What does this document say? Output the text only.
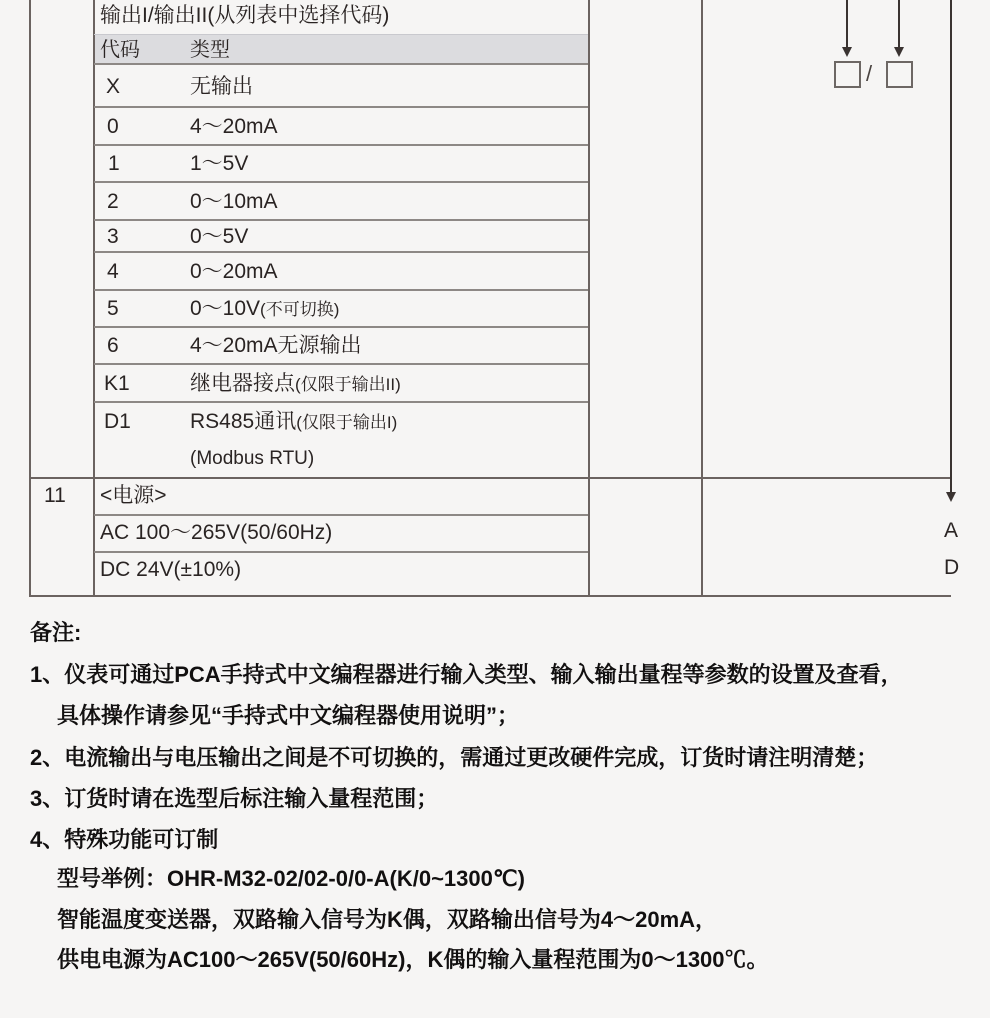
输出I/输出II(从列表中选择代码)
代码	类型
X	无输出
0	4～20mA
1	1～5V
2	0～10mA
3	0～5V
4	0～20mA
5	0～10V(不可切换)
6	4～20mA无源输出
K1	继电器接点(仅限于输出II)
D1	RS485通讯(仅限于输出I)
(Modbus RTU)
11 <电源>
AC 100～265V(50/60Hz)
DC 24V(±10%)
/
A
D
备注:
1、仪表可通过PCA手持式中文编程器进行输入类型、输入输出量程等参数的设置及查看，
具体操作请参见“手持式中文编程器使用说明”；
2、电流输出与电压输出之间是不可切换的，需通过更改硬件完成，订货时请注明清楚；
3、订货时请在选型后标注输入量程范围；
4、特殊功能可订制
型号举例：OHR-M32-02/02-0/0-A(K/0~1300℃)
智能温度变送器，双路输入信号为K偶，双路输出信号为4～20mA，
供电电源为AC100～265V(50/60Hz)，K偶的输入量程范围为0～1300℃。
